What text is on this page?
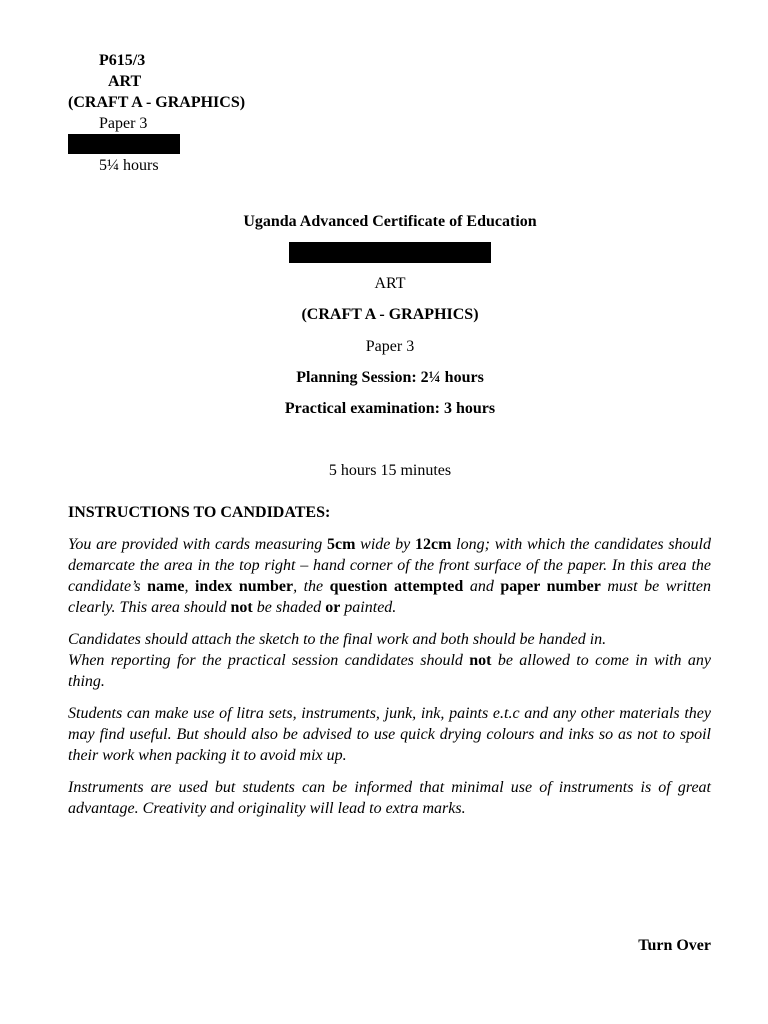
P615/3
ART
(CRAFT A - GRAPHICS)
Paper 3
5¼ hours
Uganda Advanced Certificate of Education
ART
(CRAFT A - GRAPHICS)
Paper 3
Planning Session: 2¼ hours
Practical examination: 3 hours
5 hours 15 minutes
INSTRUCTIONS TO CANDIDATES:
You are provided with cards measuring 5cm wide by 12cm long; with which the candidates should demarcate the area in the top right – hand corner of the front surface of the paper. In this area the candidate’s name, index number, the question attempted and paper number must be written clearly. This area should not be shaded or painted.
Candidates should attach the sketch to the final work and both should be handed in.
When reporting for the practical session candidates should not be allowed to come in with any thing.
Students can make use of litra sets, instruments, junk, ink, paints e.t.c and any other materials they may find useful. But should also be advised to use quick drying colours and inks so as not to spoil their work when packing it to avoid mix up.
Instruments are used but students can be informed that minimal use of instruments is of great advantage. Creativity and originality will lead to extra marks.
Turn Over
